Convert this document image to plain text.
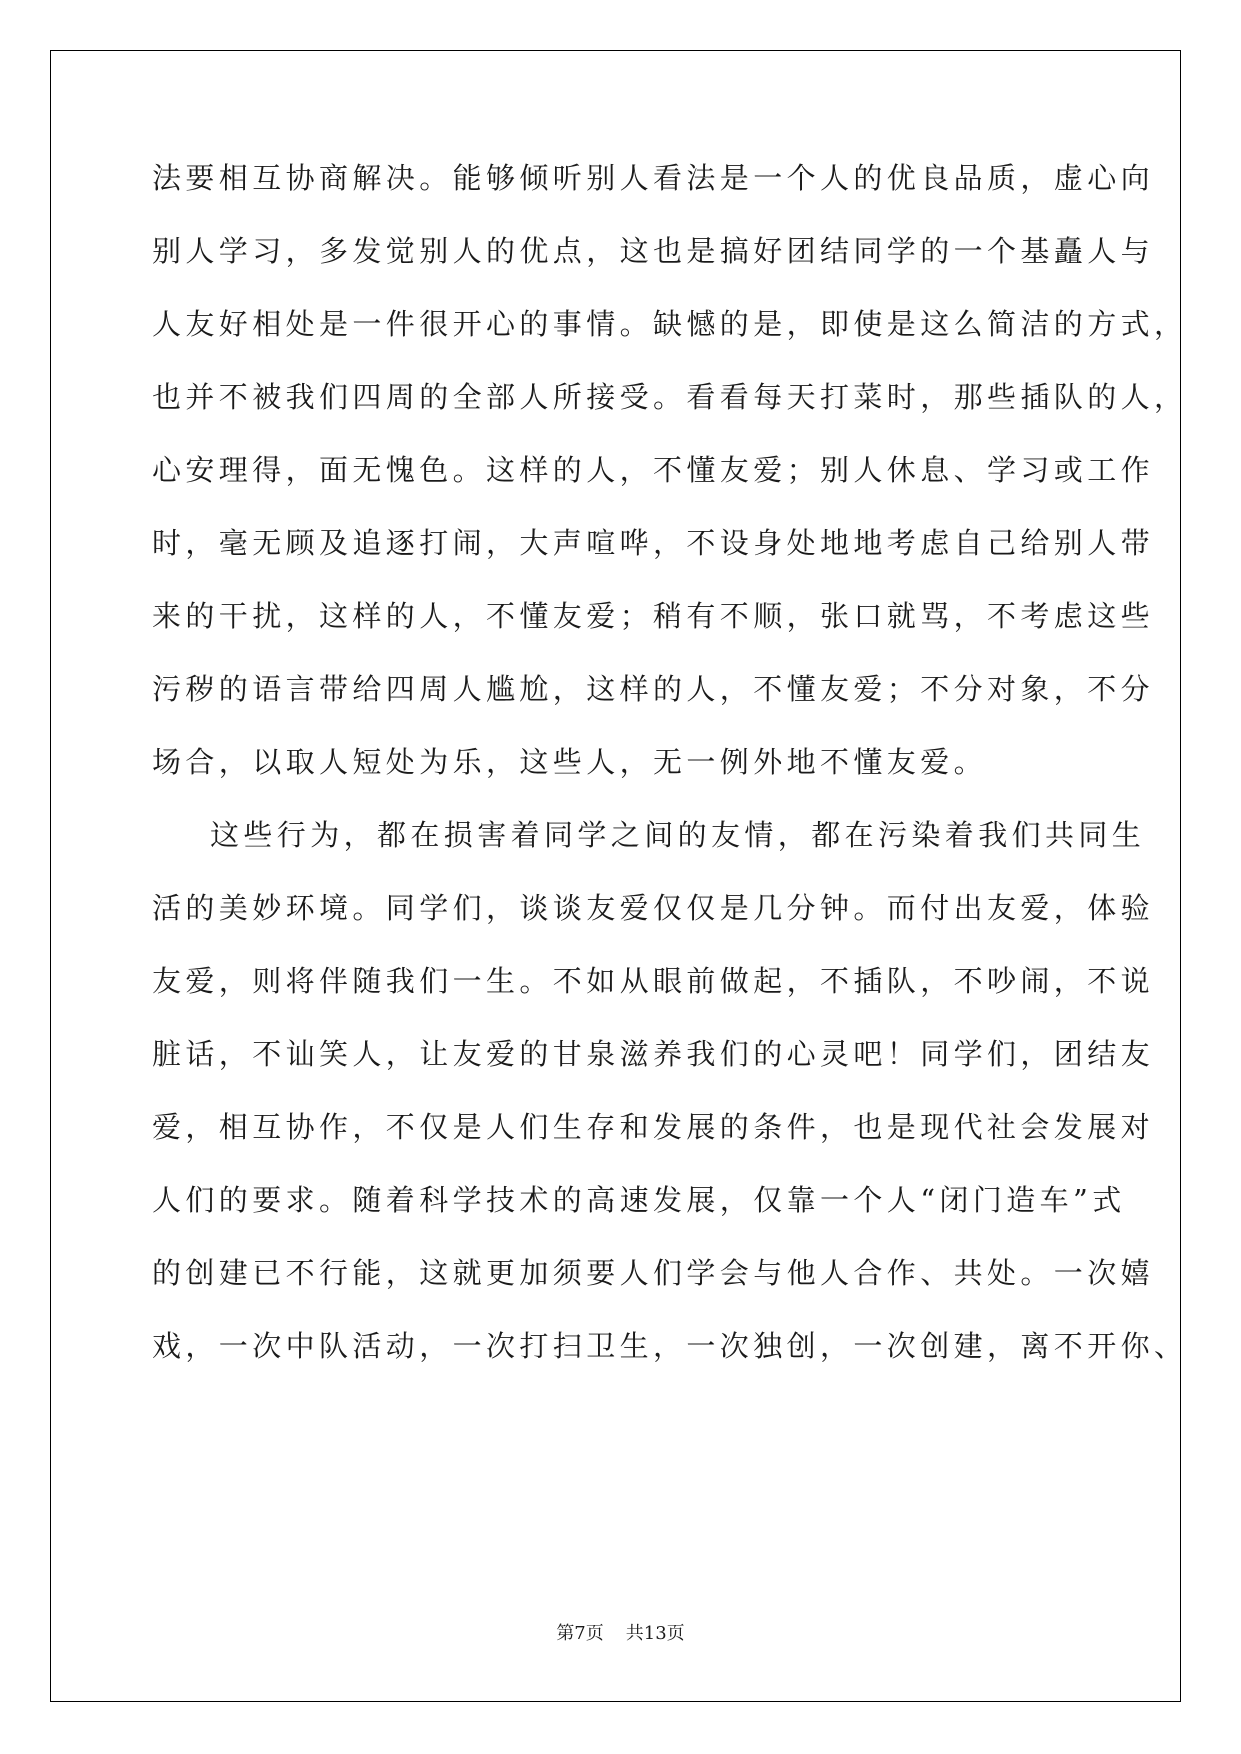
法要相互协商解决。能够倾听别人看法是一个人的优良品质，虚心向
别人学习，多发觉别人的优点，这也是搞好团结同学的一个基矗人与
人友好相处是一件很开心的事情。缺憾的是，即使是这么简洁的方式，
也并不被我们四周的全部人所接受。看看每天打菜时，那些插队的人，
心安理得，面无愧色。这样的人，不懂友爱；别人休息、学习或工作
时，毫无顾及追逐打闹，大声喧哗，不设身处地地考虑自己给别人带
来的干扰，这样的人，不懂友爱；稍有不顺，张口就骂，不考虑这些
污秽的语言带给四周人尴尬，这样的人，不懂友爱；不分对象，不分
场合，以取人短处为乐，这些人，无一例外地不懂友爱。
这些行为，都在损害着同学之间的友情，都在污染着我们共同生
活的美妙环境。同学们，谈谈友爱仅仅是几分钟。而付出友爱，体验
友爱，则将伴随我们一生。不如从眼前做起，不插队，不吵闹，不说
脏话，不讪笑人，让友爱的甘泉滋养我们的心灵吧！同学们，团结友
爱，相互协作，不仅是人们生存和发展的条件，也是现代社会发展对
人们的要求。随着科学技术的高速发展，仅靠一个人“闭门造车”式
的创建已不行能，这就更加须要人们学会与他人合作、共处。一次嬉
戏，一次中队活动，一次打扫卫生，一次独创，一次创建，离不开你、
第7页 共13页
